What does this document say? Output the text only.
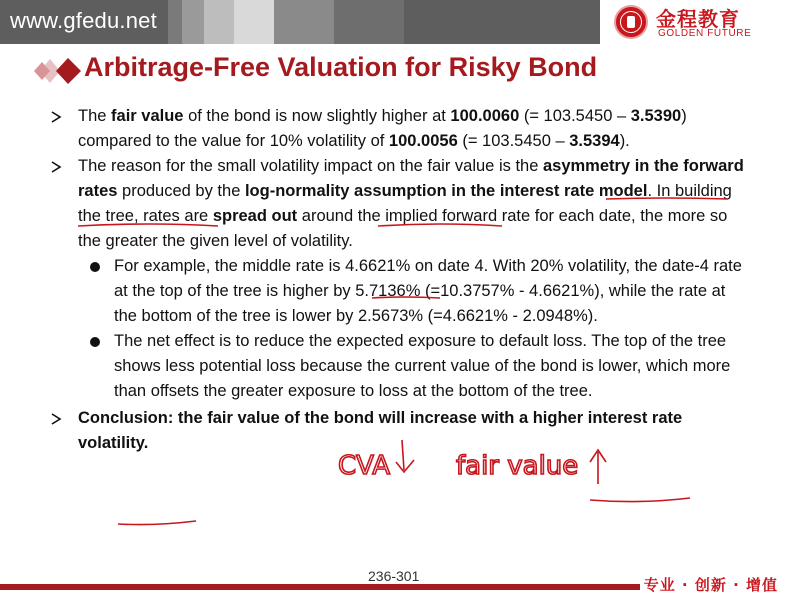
www.gfedu.net	金程教育
GOLDEN FUTURE
Arbitrage-Free Valuation for Risky Bond
The fair value of the bond is now slightly higher at 100.0060 (= 103.5450 – 3.5390) compared to the value for 10% volatility of 100.0056 (= 103.5450 – 3.5394).
The reason for the small volatility impact on the fair value is the asymmetry in the forward rates produced by the log-normality assumption in the interest rate model. In building the tree, rates are spread out around the implied forward rate for each date, the more so the greater the given level of volatility.
For example, the middle rate is 4.6621% on date 4. With 20% volatility, the date-4 rate at the top of the tree is higher by 5.7136% (=10.3757% - 4.6621%), while the rate at the bottom of the tree is lower by 2.5673% (=4.6621% - 2.0948%).
The net effect is to reduce the expected exposure to default loss. The top of the tree shows less potential loss because the current value of the bond is lower, which more than offsets the greater exposure to loss at the bottom of the tree.
Conclusion: the fair value of the bond will increase with a higher interest rate volatility.
CVA	fair value
236-301	专业 · 创新 · 增值
